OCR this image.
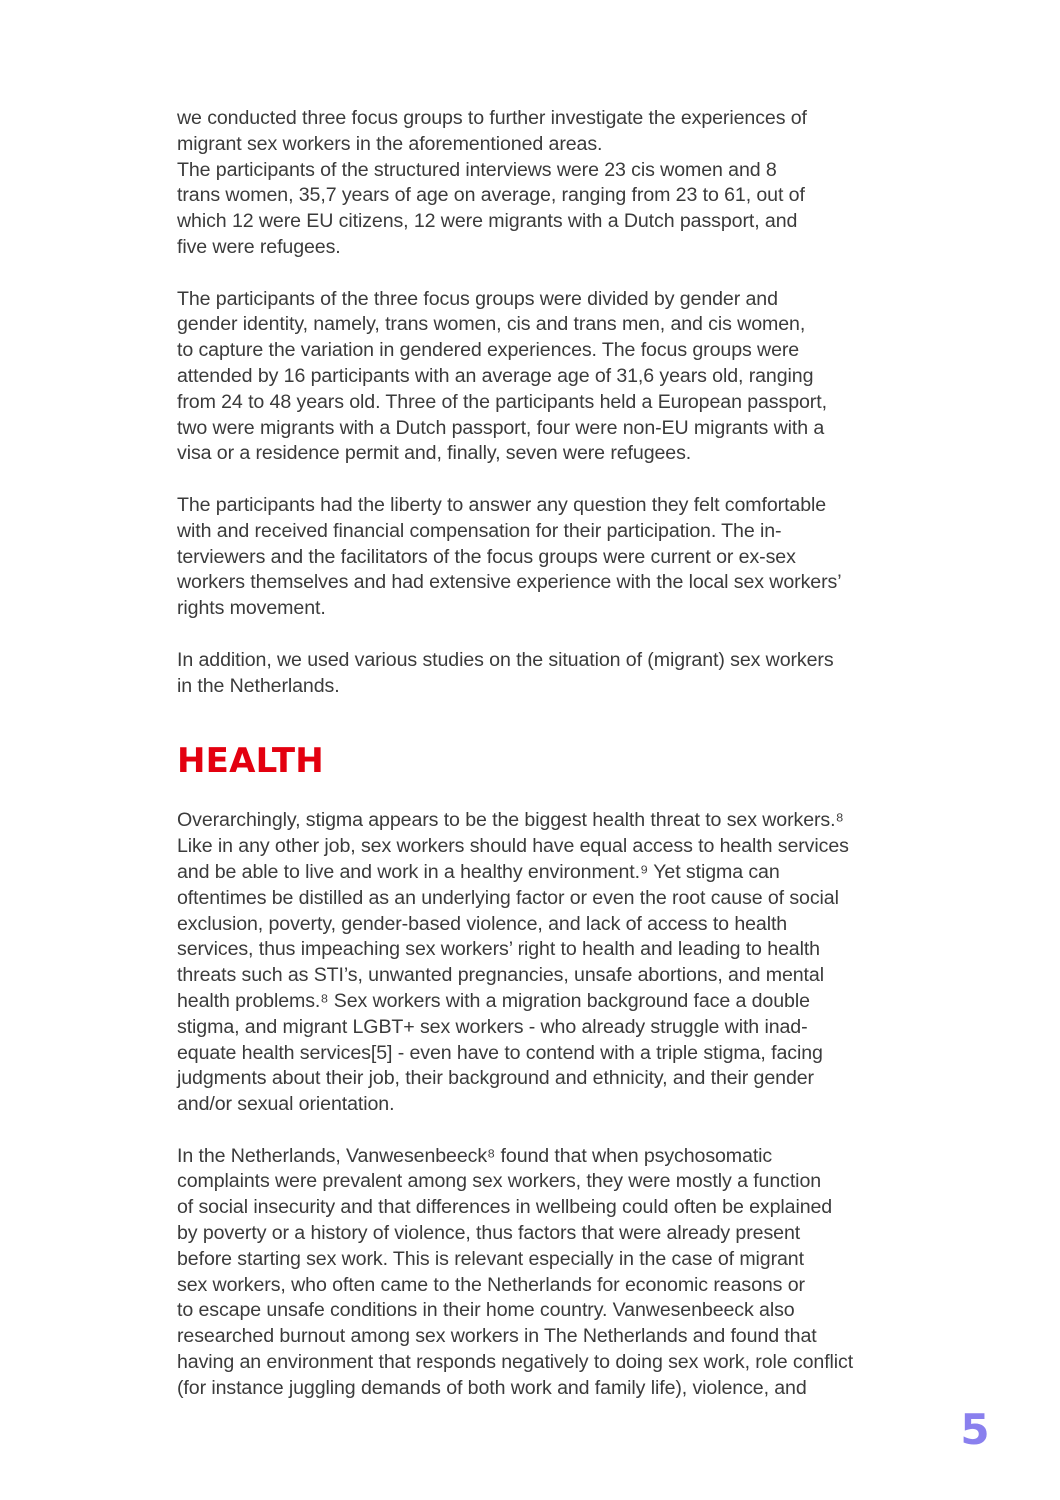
we conducted three focus groups to further investigate the experiences of
migrant sex workers in the aforementioned areas.
The participants of the structured interviews were 23 cis women and 8
trans women, 35,7 years of age on average, ranging from 23 to 61, out of
which 12 were EU citizens, 12 were migrants with a Dutch passport, and
five were refugees.

The participants of the three focus groups were divided by gender and
gender identity, namely, trans women, cis and trans men, and cis women,
to capture the variation in gendered experiences. The focus groups were
attended by 16 participants with an average age of 31,6 years old, ranging
from 24 to 48 years old. Three of the participants held a European passport,
two were migrants with a Dutch passport, four were non-EU migrants with a
visa or a residence permit and, finally, seven were refugees.

The participants had the liberty to answer any question they felt comfortable
with and received financial compensation for their participation. The in-
terviewers and the facilitators of the focus groups were current or ex-sex
workers themselves and had extensive experience with the local sex workers’
rights movement.

In addition, we used various studies on the situation of (migrant) sex workers
in the Netherlands.

HEALTH

Overarchingly, stigma appears to be the biggest health threat to sex workers.⁸
Like in any other job, sex workers should have equal access to health services
and be able to live and work in a healthy environment.⁹ Yet stigma can
oftentimes be distilled as an underlying factor or even the root cause of social
exclusion, poverty, gender-based violence, and lack of access to health
services, thus impeaching sex workers’ right to health and leading to health
threats such as STI’s, unwanted pregnancies, unsafe abortions, and mental
health problems.⁸ Sex workers with a migration background face a double
stigma, and migrant LGBT+ sex workers - who already struggle with inad-
equate health services[5] - even have to contend with a triple stigma, facing
judgments about their job, their background and ethnicity, and their gender
and/or sexual orientation.

In the Netherlands, Vanwesenbeeck⁸ found that when psychosomatic
complaints were prevalent among sex workers, they were mostly a function
of social insecurity and that differences in wellbeing could often be explained
by poverty or a history of violence, thus factors that were already present
before starting sex work. This is relevant especially in the case of migrant
sex workers, who often came to the Netherlands for economic reasons or
to escape unsafe conditions in their home country. Vanwesenbeeck also
researched burnout among sex workers in The Netherlands and found that
having an environment that responds negatively to doing sex work, role conflict
(for instance juggling demands of both work and family life), violence, and

5
